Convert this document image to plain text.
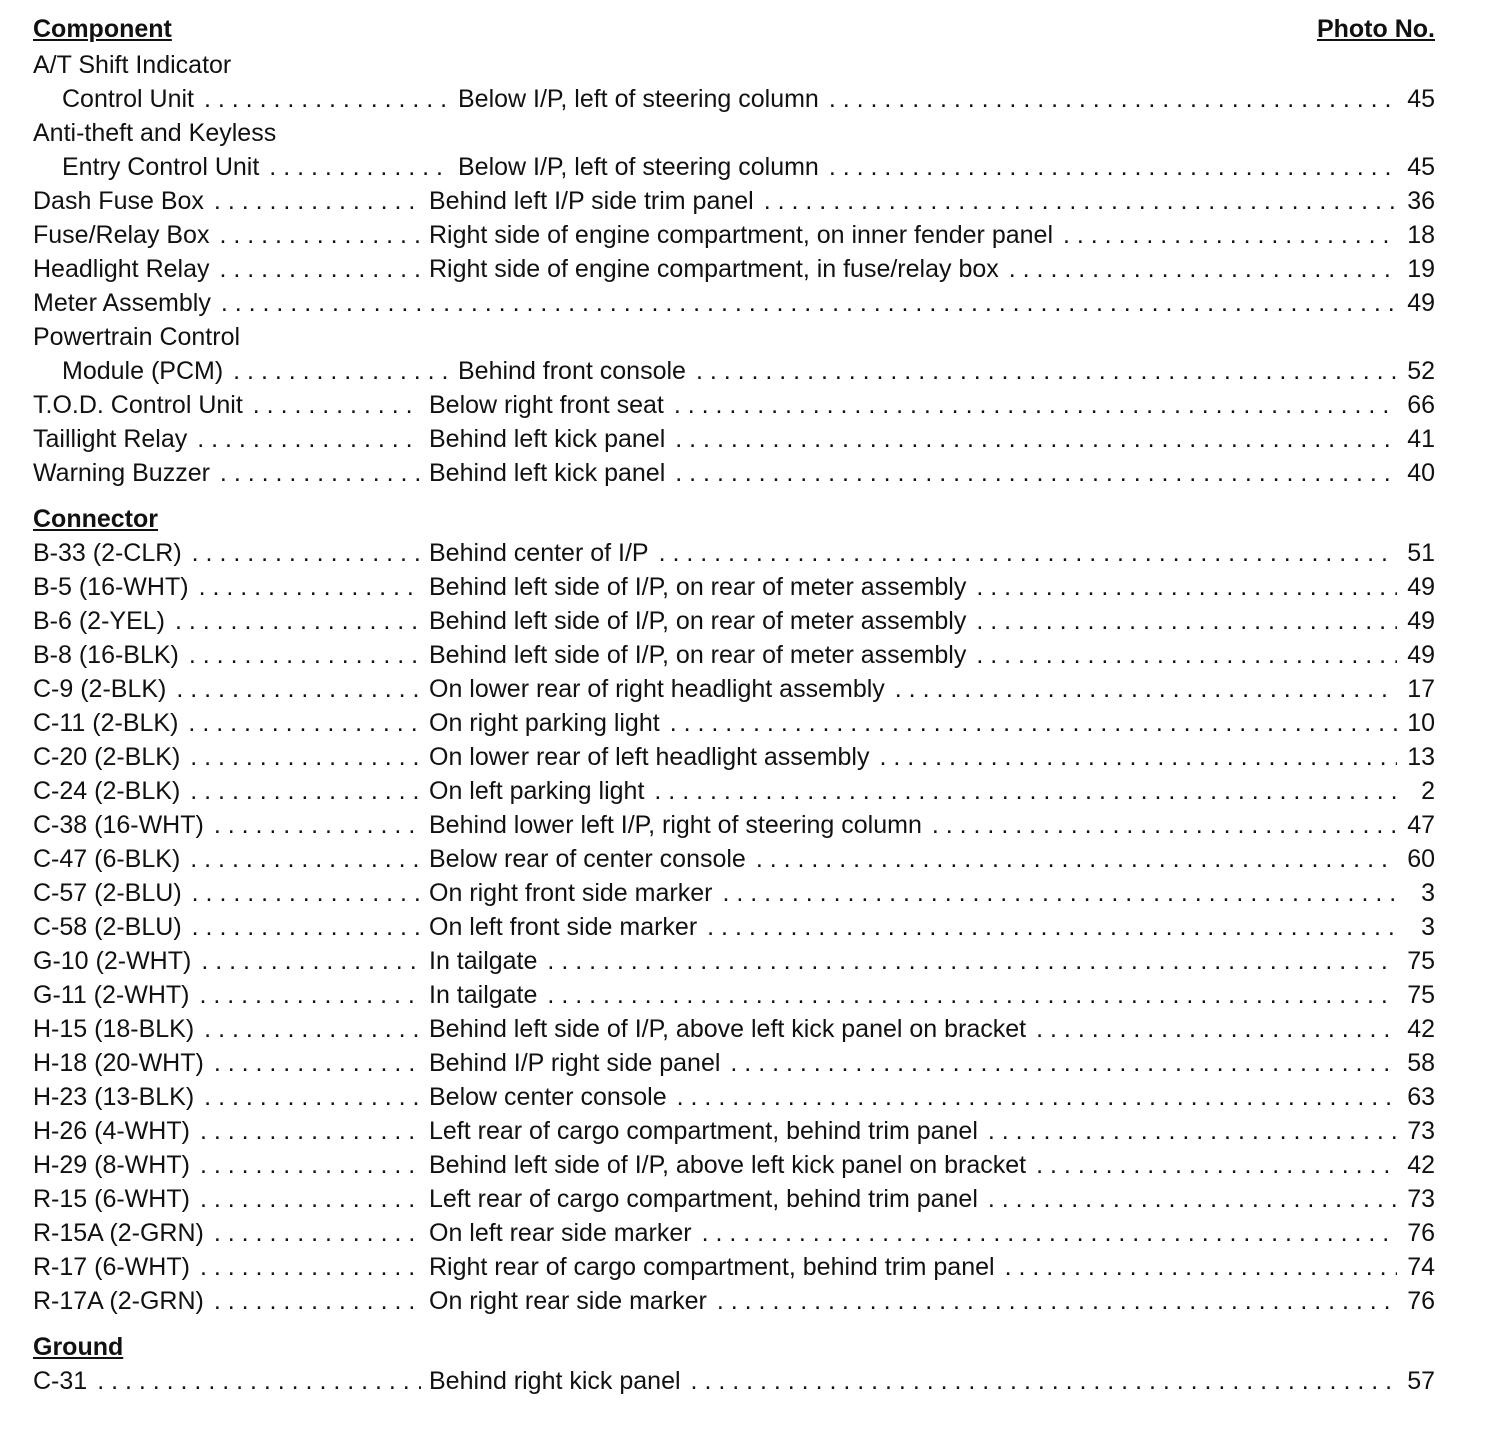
Component	Photo No.
A/T Shift Indicator
Control Unit . . .	Below I/P, left of steering column . . .	45
Anti-theft and Keyless
Entry Control Unit . . .	Below I/P, left of steering column . . .	45
Dash Fuse Box . . .	Behind left I/P side trim panel . . .	36
Fuse/Relay Box . . .	Right side of engine compartment, on inner fender panel . . .	18
Headlight Relay . . .	Right side of engine compartment, in fuse/relay box . . .	19
Meter Assembly . . .	49
Powertrain Control
Module (PCM) . . .	Behind front console . . .	52
T.O.D. Control Unit . . .	Below right front seat . . .	66
Taillight Relay . . .	Behind left kick panel . . .	41
Warning Buzzer . . .	Behind left kick panel . . .	40
Connector
B-33 (2-CLR) . . .	Behind center of I/P . . .	51
B-5 (16-WHT) . . .	Behind left side of I/P, on rear of meter assembly . . .	49
B-6 (2-YEL) . . .	Behind left side of I/P, on rear of meter assembly . . .	49
B-8 (16-BLK) . . .	Behind left side of I/P, on rear of meter assembly . . .	49
C-9 (2-BLK) . . .	On lower rear of right headlight assembly . . .	17
C-11 (2-BLK) . . .	On right parking light . . .	10
C-20 (2-BLK) . . .	On lower rear of left headlight assembly . . .	13
C-24 (2-BLK) . . .	On left parking light . . .	2
C-38 (16-WHT) . . .	Behind lower left I/P, right of steering column . . .	47
C-47 (6-BLK) . . .	Below rear of center console . . .	60
C-57 (2-BLU) . . .	On right front side marker . . .	3
C-58 (2-BLU) . . .	On left front side marker . . .	3
G-10 (2-WHT) . . .	In tailgate . . .	75
G-11 (2-WHT) . . .	In tailgate . . .	75
H-15 (18-BLK) . . .	Behind left side of I/P, above left kick panel on bracket . . .	42
H-18 (20-WHT) . . .	Behind I/P right side panel . . .	58
H-23 (13-BLK) . . .	Below center console . . .	63
H-26 (4-WHT) . . .	Left rear of cargo compartment, behind trim panel . . .	73
H-29 (8-WHT) . . .	Behind left side of I/P, above left kick panel on bracket . . .	42
R-15 (6-WHT) . . .	Left rear of cargo compartment, behind trim panel . . .	73
R-15A (2-GRN) . . .	On left rear side marker . . .	76
R-17 (6-WHT) . . .	Right rear of cargo compartment, behind trim panel . . .	74
R-17A (2-GRN) . . .	On right rear side marker . . .	76
Ground
C-31 . . .	Behind right kick panel . . .	57
